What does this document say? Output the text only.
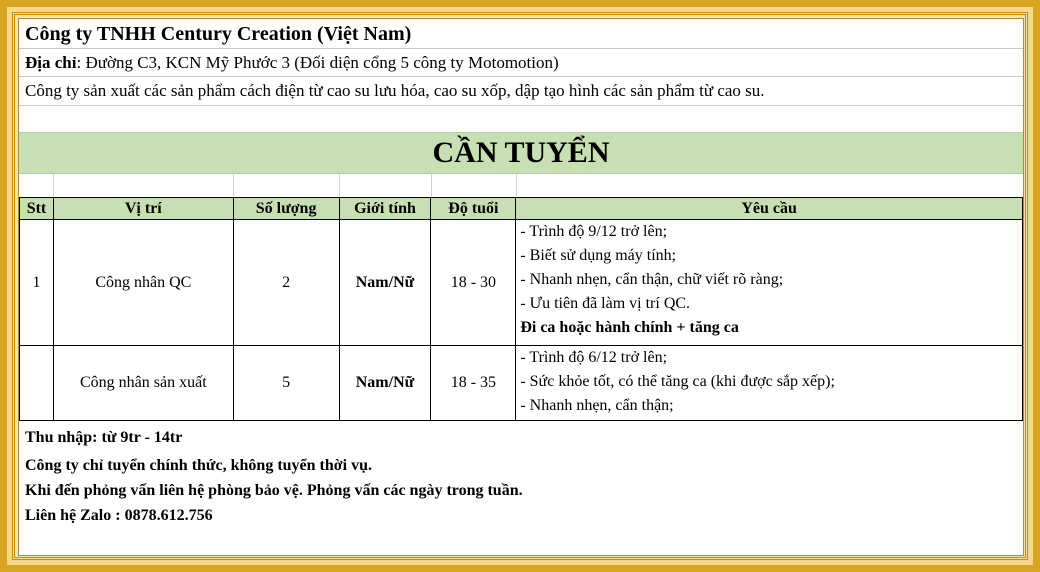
Công ty TNHH Century Creation (Việt Nam)
Địa chỉ: Đường C3, KCN Mỹ Phước 3 (Đối diện cổng 5 công ty Motomotion)
Công ty sản xuất các sản phẩm cách điện từ cao su lưu hóa, cao su xốp, dập tạo hình các sản phẩm từ cao su.
CẦN TUYỂN
Stt	Vị trí	Số lượng	Giới tính	Độ tuổi	Yêu cầu
1	Công nhân QC	2	Nam/Nữ	18 - 30	- Trình độ 9/12 trở lên;
- Biết sử dụng máy tính;
- Nhanh nhẹn, cẩn thận, chữ viết rõ ràng;
- Ưu tiên đã làm vị trí QC.
Đi ca hoặc hành chính + tăng ca

	Công nhân sản xuất	5	Nam/Nữ	18 - 35	- Trình độ 6/12 trở lên;
- Sức khỏe tốt, có thể tăng ca (khi được sắp xếp);
- Nhanh nhẹn, cẩn thận;
Thu nhập: từ 9tr - 14tr
Công ty chỉ tuyển chính thức, không tuyển thời vụ.
Khi đến phỏng vấn liên hệ phòng bảo vệ. Phỏng vấn các ngày trong tuần.
Liên hệ Zalo : 0878.612.756
